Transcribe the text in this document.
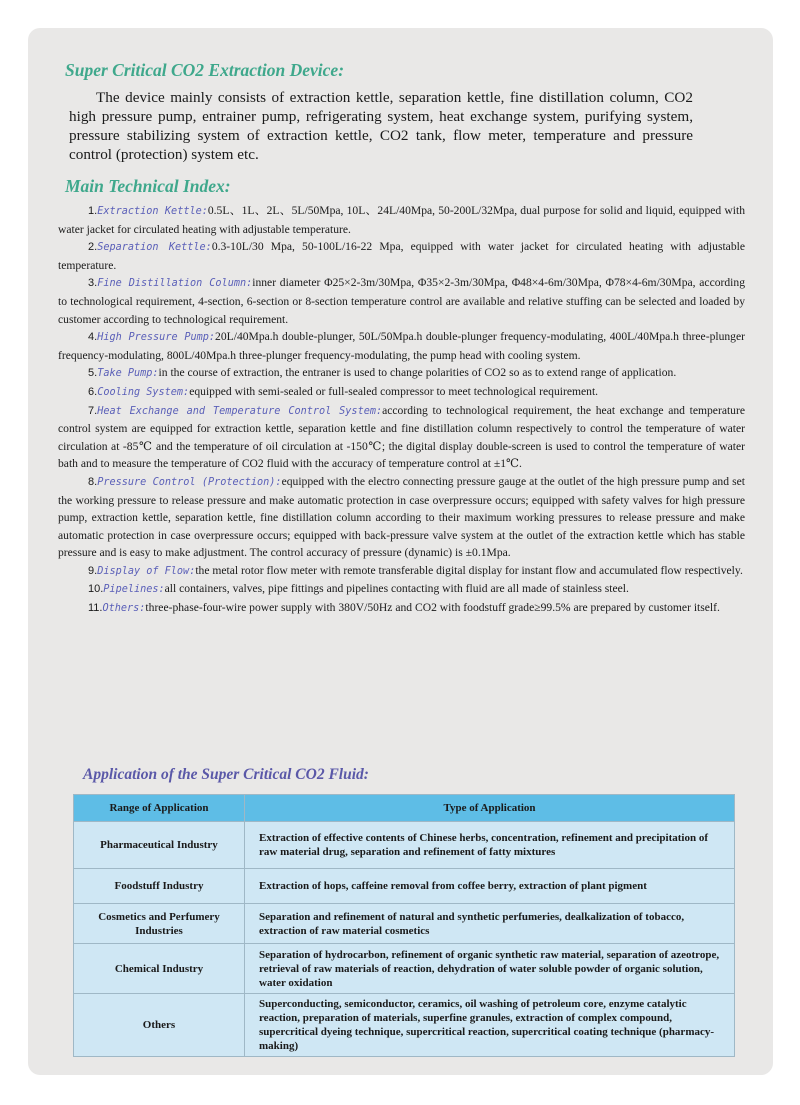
Super Critical CO2 Extraction Device:

The device mainly consists of extraction kettle, separation kettle, fine distillation column, CO2 high pressure pump, entrainer pump, refrigerating system, heat exchange system, purifying system, pressure stabilizing system of extraction kettle, CO2 tank, flow meter, temperature and pressure control (protection) system etc.

Main Technical Index:

1.Extraction Kettle:0.5L、1L、2L、5L/50Mpa, 10L、24L/40Mpa, 50-200L/32Mpa, dual purpose for solid and liquid, equipped with water jacket for circulated heating with adjustable temperature.

2.Separation Kettle:0.3-10L/30 Mpa, 50-100L/16-22 Mpa, equipped with water jacket for circulated heating with adjustable temperature.

3.Fine Distillation Column:inner diameter Φ25×2-3m/30Mpa, Φ35×2-3m/30Mpa, Φ48×4-6m/30Mpa, Φ78×4-6m/30Mpa, according to technological requirement, 4-section, 6-section or 8-section temperature control are available and relative stuffing can be selected and loaded by customer according to technological requirement.

4.High Pressure Pump:20L/40Mpa.h double-plunger, 50L/50Mpa.h double-plunger frequency-modulating, 400L/40Mpa.h three-plunger frequency-modulating, 800L/40Mpa.h three-plunger frequency-modulating, the pump head with cooling system.

5.Take Pump:in the course of extraction, the entraner is used to change polarities of CO2 so as to extend range of application.

6.Cooling System:equipped with semi-sealed or full-sealed compressor to meet technological requirement.

7.Heat Exchange and Temperature Control System:according to technological requirement, the heat exchange and temperature control system are equipped for extraction kettle, separation kettle and fine distillation column respectively to control the temperature of water circulation at -85℃ and the temperature of oil circulation at -150℃; the digital display double-screen is used to control the temperature of water bath and to measure the temperature of CO2 fluid with the accuracy of temperature control at ±1℃.

8.Pressure Control (Protection):equipped with the electro connecting pressure gauge at the outlet of the high pressure pump and set the working pressure to release pressure and make automatic protection in case overpressure occurs; equipped with safety valves for high pressure pump, extraction kettle, separation kettle, fine distillation column according to their maximum working pressures to release pressure and make automatic protection in case overpressure occurs; equipped with back-pressure valve system at the outlet of the extraction kettle which has stable pressure and is easy to make adjustment. The control accuracy of pressure (dynamic) is ±0.1Mpa.

9.Display of Flow:the metal rotor flow meter with remote transferable digital display for instant flow and accumulated flow respectively.

10.Pipelines:all containers, valves, pipe fittings and pipelines contacting with fluid are all made of stainless steel.

11.Others:three-phase-four-wire power supply with 380V/50Hz and CO2 with foodstuff grade≥99.5% are prepared by customer itself.

Application of the Super Critical CO2 Fluid:
Range of Application	Type of Application
Pharmaceutical Industry	Extraction of effective contents of Chinese herbs, concentration, refinement and precipitation of raw material drug, separation and refinement of fatty mixtures
Foodstuff Industry	Extraction of hops, caffeine removal from coffee berry, extraction of plant pigment
Cosmetics and Perfumery Industries	Separation and refinement of natural and synthetic perfumeries, dealkalization of tobacco, extraction of raw material cosmetics
Chemical Industry	Separation of hydrocarbon, refinement of organic synthetic raw material, separation of azeotrope, retrieval of raw materials of reaction, dehydration of water soluble powder of organic solution, water oxidation
Others	Superconducting, semiconductor, ceramics, oil washing of petroleum core, enzyme catalytic reaction, preparation of materials, superfine granules, extraction of complex compound, supercritical dyeing technique, supercritical reaction, supercritical coating technique (pharmacy-making)
